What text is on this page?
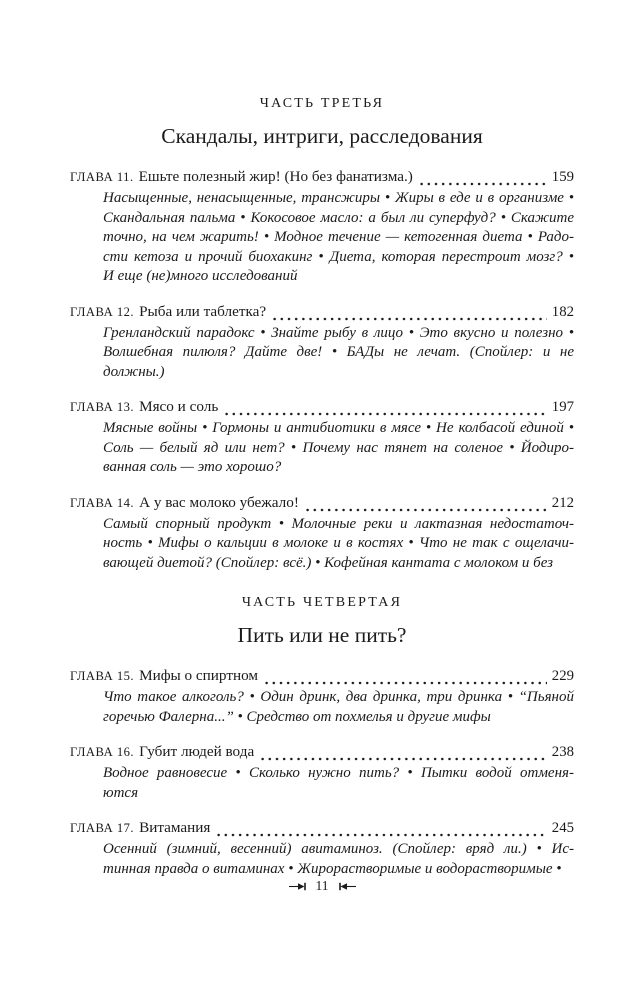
ЧАСТЬ ТРЕТЬЯ
Скандалы, интриги, расследования
ГЛАВА 11. Ешьте полезный жир! (Но без фанатизма.)	159
Насыщенные, ненасыщенные, трансжиры • Жиры в еде и в организме •
Скандальная пальма • Кокосовое масло: а был ли суперфуд? • Скажите
точно, на чем жарить! • Модное течение — кетогенная диета • Радо-
сти кетоза и прочий биохакинг • Диета, которая перестроит мозг? •
И еще (не)много исследований
ГЛАВА 12. Рыба или таблетка?	182
Гренландский парадокс • Знайте рыбу в лицо • Это вкусно и полезно •
Волшебная пилюля? Дайте две! • БАДы не лечат. (Спойлер: и не должны.)
ГЛАВА 13. Мясо и соль	197
Мясные войны • Гормоны и антибиотики в мясе • Не колбасой единой •
Соль — белый яд или нет? • Почему нас тянет на соленое • Йодиро-
ванная соль — это хорошо?
ГЛАВА 14. А у вас молоко убежало!	212
Самый спорный продукт • Молочные реки и лактазная недостаточ-
ность • Мифы о кальции в молоке и в костях • Что не так с ощелачи-
вающей диетой? (Спойлер: всё.) • Кофейная кантата с молоком и без
ЧАСТЬ ЧЕТВЕРТАЯ
Пить или не пить?
ГЛАВА 15. Мифы о спиртном	229
Что такое алкоголь? • Один дринк, два дринка, три дринка • “Пьяной
горечью Фалерна...” • Средство от похмелья и другие мифы
ГЛАВА 16. Губит людей вода	238
Водное равновесие • Сколько нужно пить? • Пытки водой отменя-
ются
ГЛАВА 17. Витамания	245
Осенний (зимний, весенний) авитаминоз. (Спойлер: вряд ли.) • Ис-
тинная правда о витаминах • Жирорастворимые и водорастворимые •
11
